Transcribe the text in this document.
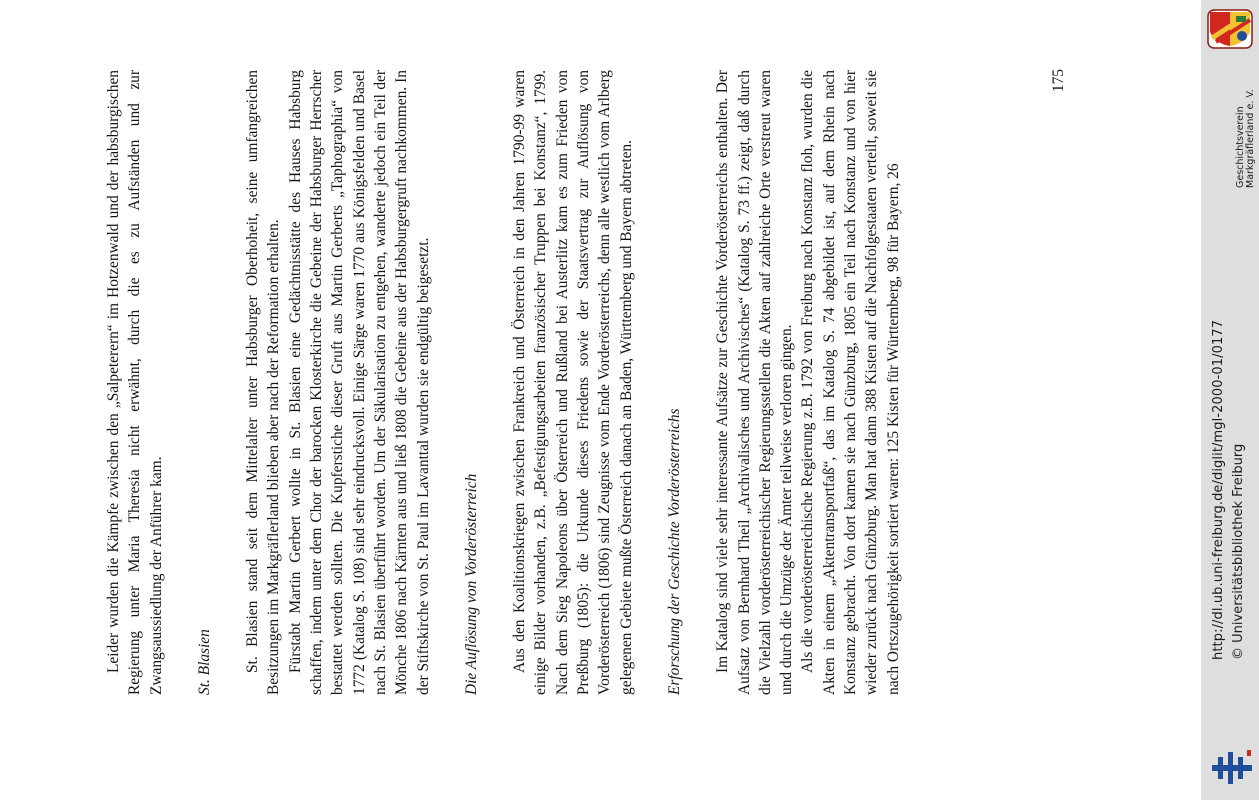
Leider wurden die Kämpfe zwischen den „Salpeterern“ im Hotzenwald und der habsburgischen Regierung unter Maria Theresia nicht erwähnt, durch die es zu Aufständen und zur Zwangsaussiedlung der Anführer kam. St. Blasien St. Blasien stand seit dem Mittelalter unter Habsburger Oberhoheit, seine umfangreichen Besitzungen im Markgräflerland blieben aber nach der Reformation erhalten. Fürstabt Martin Gerbert wollte in St. Blasien eine Gedächtnisstätte des Hauses Habsburg schaffen, indem unter dem Chor der barocken Klosterkirche die Gebeine der Habsburger Herrscher bestattet werden sollten. Die Kupferstiche dieser Gruft aus Martin Gerberts „Taphographia“ von 1772 (Katalog S. 108) sind sehr eindrucksvoll. Einige Särge waren 1770 aus Königsfelden und Basel nach St. Blasien überführt worden. Um der Säkularisation zu entgehen, wanderte jedoch ein Teil der Mönche 1806 nach Kärnten aus und ließ 1808 die Gebeine aus der Habsburgergruft nachkommen. In der Stiftskirche von St. Paul im Lavanttal wurden sie endgültig beigesetzt. Die Auflösung von Vorderösterreich Aus den Koalitionskriegen zwischen Frankreich und Österreich in den Jahren 1790-99 waren einige Bilder vorhanden, z.B. „Befestigungsarbeiten französischer Truppen bei Konstanz“, 1799. Nach dem Sieg Napoleons über Österreich und Rußland bei Austerlitz kam es zum Frieden von Preßburg (1805): die Urkunde dieses Friedens sowie der Staatsvertrag zur Auflösung von Vorderösterreich (1806) sind Zeugnisse vom Ende Vorderösterreichs, denn alle westlich vom Arlberg gelegenen Gebiete mußte Österreich danach an Baden, Württemberg und Bayern abtreten. Erforschung der Geschichte Vorderösterreichs Im Katalog sind viele sehr interessante Aufsätze zur Geschichte Vorderösterreichs enthalten. Der Aufsatz von Bernhard Theil „Archivalisches und Archivisches“ (Katalog S. 73 ff.) zeigt, daß durch die Vielzahl vorderösterreichischer Regierungsstellen die Akten auf zahlreiche Orte verstreut waren und durch die Umzüge der Ämter teilweise verloren gingen. Als die vorderösterreichische Regierung z.B. 1792 von Freiburg nach Konstanz floh, wurden die Akten in einem „Aktentransportfaß“, das im Katalog S. 74 abgebildet ist, auf dem Rhein nach Konstanz gebracht. Von dort kamen sie nach Günzburg, 1805 ein Teil nach Konstanz und von hier wieder zurück nach Günzburg. Man hat dann 388 Kisten auf die Nachfolgestaaten verteilt, soweit sie nach Ortszugehörigkeit sortiert waren: 125 Kisten für Württemberg, 98 für Bayern, 26

175
http://dl.ub.uni-freiburg.de/diglit/mgl-2000-01/0177 © Universitätsbibliothek Freiburg
Geschichtsverein Markgräflerland e. V.
